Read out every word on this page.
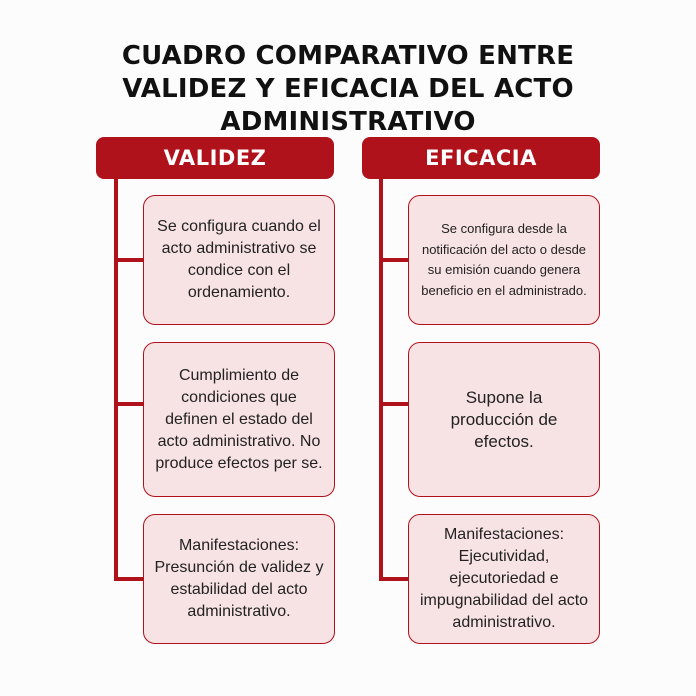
CUADRO COMPARATIVO ENTRE VALIDEZ Y EFICACIA DEL ACTO ADMINISTRATIVO
VALIDEZ
Se configura cuando el acto administrativo se condice con el ordenamiento.
Cumplimiento de condiciones que definen el estado del acto administrativo. No produce efectos per se.
Manifestaciones: Presunción de validez y estabilidad del acto administrativo.
EFICACIA
Se configura desde la notificación del acto o desde su emisión cuando genera beneficio en el administrado.
Supone la producción de efectos.
Manifestaciones: Ejecutividad, ejecutoriedad e impugnabilidad del acto administrativo.
